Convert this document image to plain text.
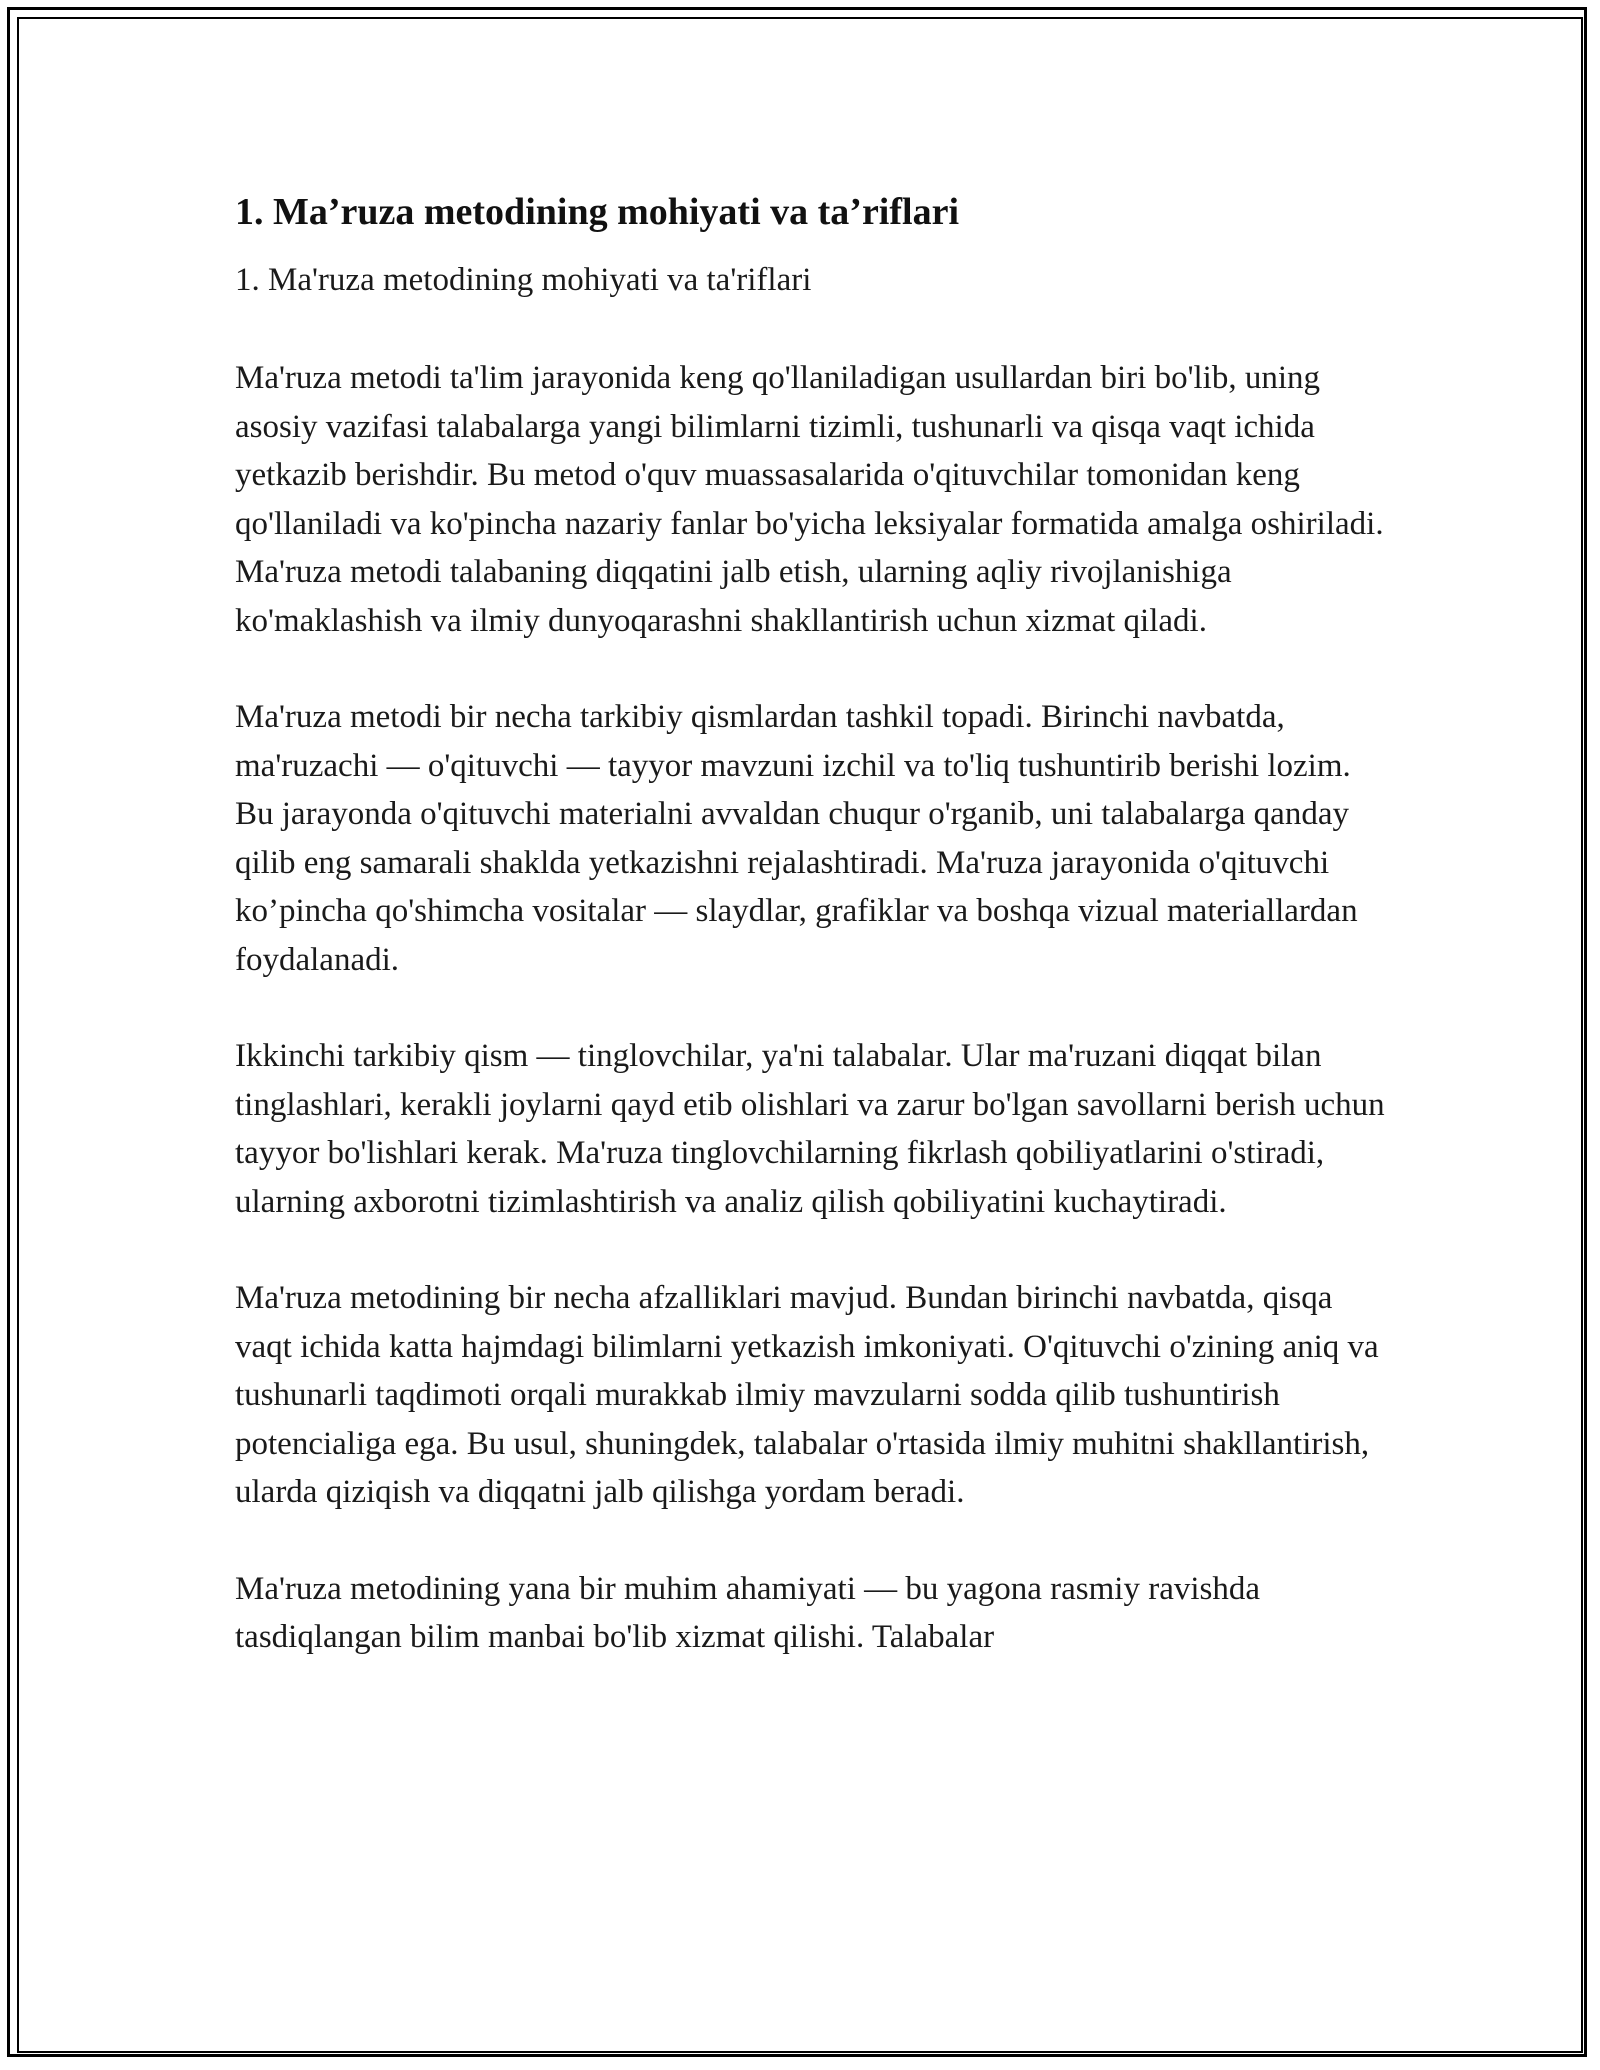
1. Ma’ruza metodining mohiyati va ta’riflari

1. Ma'ruza metodining mohiyati va ta'riflari

Ma'ruza metodi ta'lim jarayonida keng qo'llaniladigan usullardan biri bo'lib, uning asosiy vazifasi talabalarga yangi bilimlarni tizimli, tushunarli va qisqa vaqt ichida yetkazib berishdir. Bu metod o'quv muassasalarida o'qituvchilar tomonidan keng qo'llaniladi va ko'pincha nazariy fanlar bo'yicha leksiyalar formatida amalga oshiriladi. Ma'ruza metodi talabaning diqqatini jalb etish, ularning aqliy rivojlanishiga ko'maklashish va ilmiy dunyoqarashni shakllantirish uchun xizmat qiladi.

Ma'ruza metodi bir necha tarkibiy qismlardan tashkil topadi. Birinchi navbatda, ma'ruzachi — o'qituvchi — tayyor mavzuni izchil va to'liq tushuntirib berishi lozim. Bu jarayonda o'qituvchi materialni avvaldan chuqur o'rganib, uni talabalarga qanday qilib eng samarali shaklda yetkazishni rejalashtiradi. Ma'ruza jarayonida o'qituvchi ko’pincha qo'shimcha vositalar — slaydlar, grafiklar va boshqa vizual materiallardan foydalanadi.

Ikkinchi tarkibiy qism — tinglovchilar, ya'ni talabalar. Ular ma'ruzani diqqat bilan tinglashlari, kerakli joylarni qayd etib olishlari va zarur bo'lgan savollarni berish uchun tayyor bo'lishlari kerak. Ma'ruza tinglovchilarning fikrlash qobiliyatlarini o'stiradi, ularning axborotni tizimlashtirish va analiz qilish qobiliyatini kuchaytiradi.

Ma'ruza metodining bir necha afzalliklari mavjud. Bundan birinchi navbatda, qisqa vaqt ichida katta hajmdagi bilimlarni yetkazish imkoniyati. O'qituvchi o'zining aniq va tushunarli taqdimoti orqali murakkab ilmiy mavzularni sodda qilib tushuntirish potencialiga ega. Bu usul, shuningdek, talabalar o'rtasida ilmiy muhitni shakllantirish, ularda qiziqish va diqqatni jalb qilishga yordam beradi.

Ma'ruza metodining yana bir muhim ahamiyati — bu yagona rasmiy ravishda tasdiqlangan bilim manbai bo'lib xizmat qilishi. Talabalar
